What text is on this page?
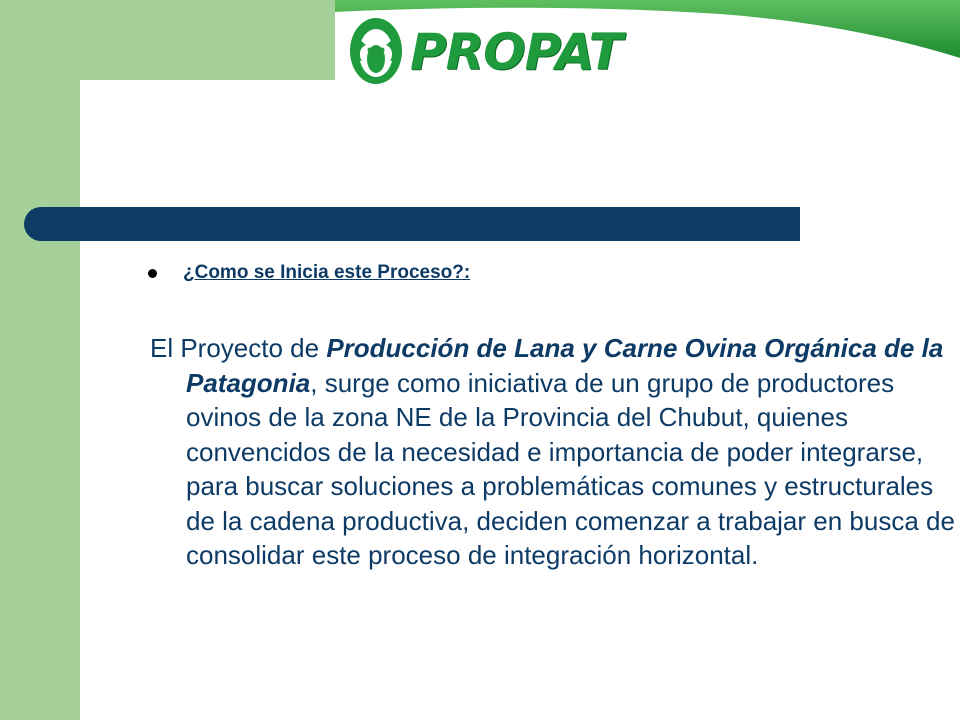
PROPAT
¿Como se Inicia este Proceso?:
El Proyecto de Producción de Lana y Carne Ovina Orgánica de la Patagonia, surge como iniciativa de un grupo de productores ovinos de la zona NE de la Provincia del Chubut, quienes convencidos de la necesidad e importancia de poder integrarse, para buscar soluciones a problemáticas comunes y estructurales de la cadena productiva, deciden comenzar a trabajar en busca de consolidar este proceso de integración horizontal.
